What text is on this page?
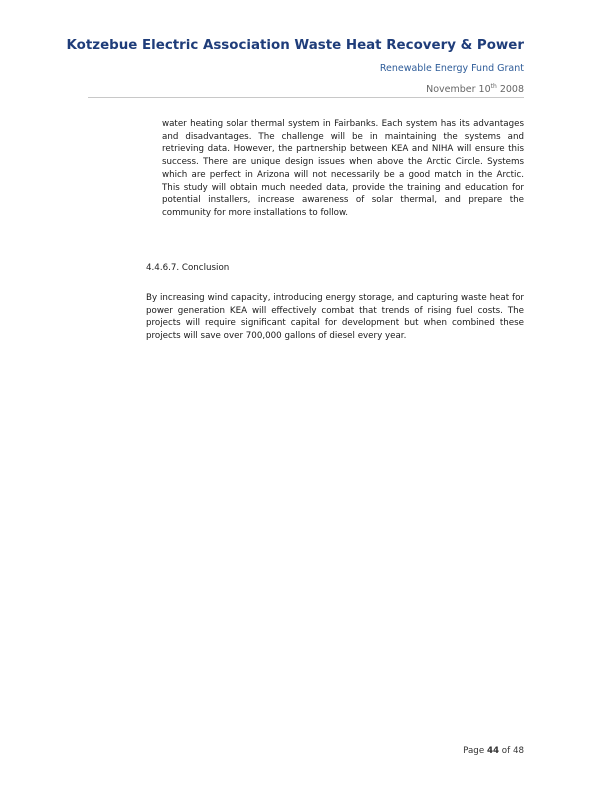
Kotzebue Electric Association Waste Heat Recovery & Power
Renewable Energy Fund Grant
November 10th 2008
water heating solar thermal system in Fairbanks. Each system has its advantages and disadvantages. The challenge will be in maintaining the systems and retrieving data. However, the partnership between KEA and NIHA will ensure this success. There are unique design issues when above the Arctic Circle. Systems which are perfect in Arizona will not necessarily be a good match in the Arctic. This study will obtain much needed data, provide the training and education for potential installers, increase awareness of solar thermal, and prepare the community for more installations to follow.
4.4.6.7. Conclusion
By increasing wind capacity, introducing energy storage, and capturing waste heat for power generation KEA will effectively combat that trends of rising fuel costs. The projects will require significant capital for development but when combined these projects will save over 700,000 gallons of diesel every year.
Page 44 of 48
